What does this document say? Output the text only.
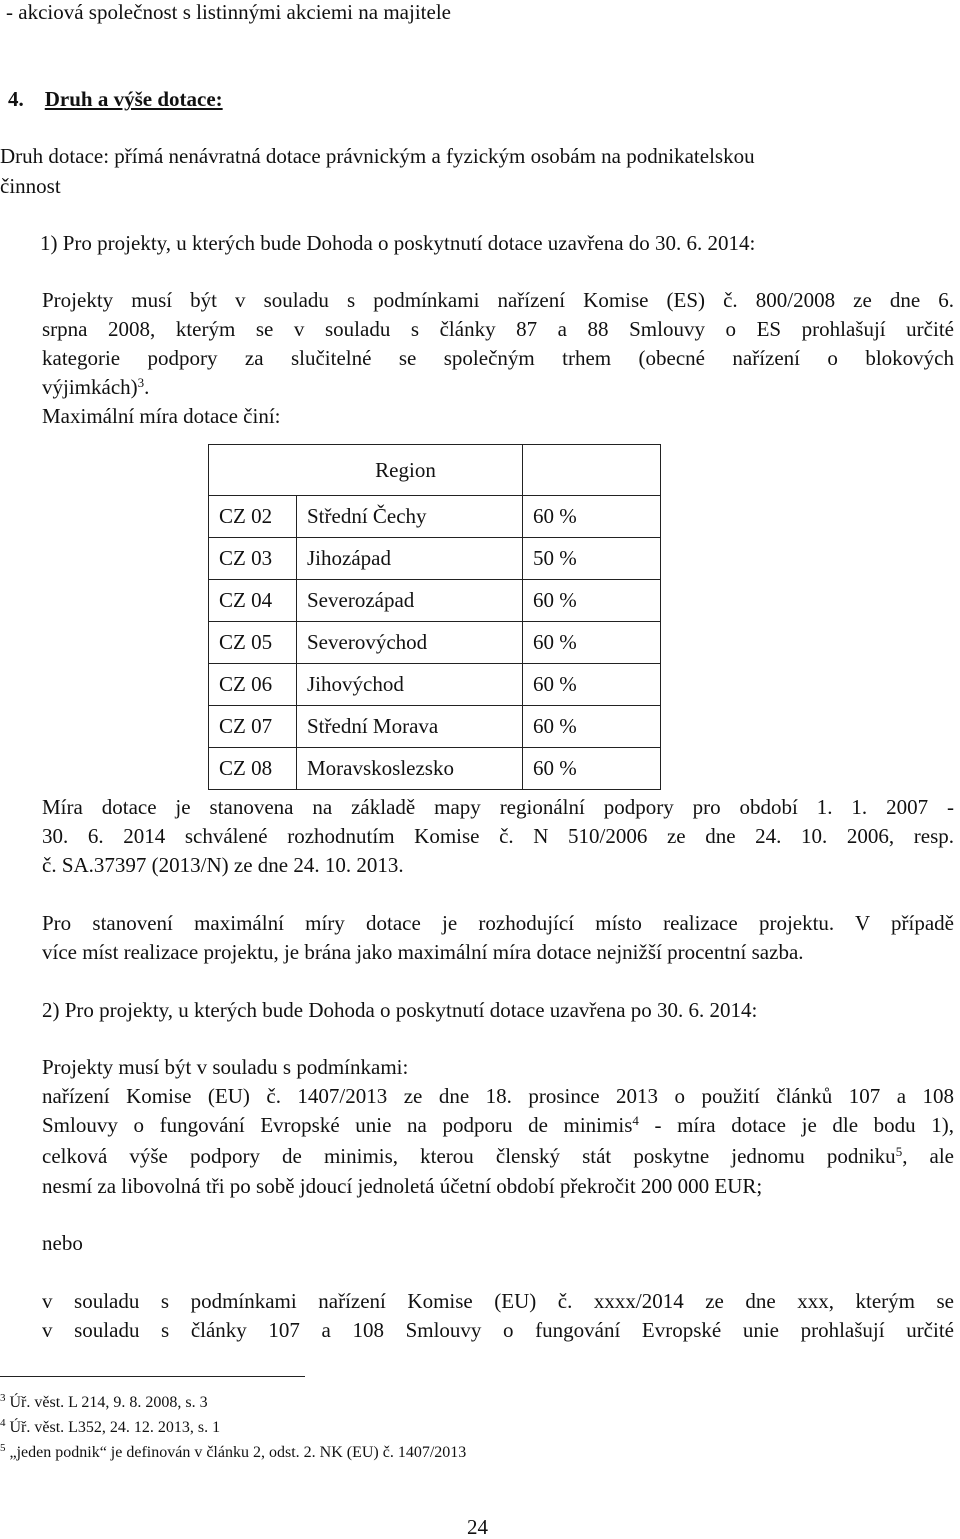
- akciová společnost s listinnými akciemi na majitele
4. Druh a výše dotace:
Druh dotace: přímá nenávratná dotace právnickým a fyzickým osobám na podnikatelskou
činnost
1) Pro projekty, u kterých bude Dohoda o poskytnutí dotace uzavřena do 30. 6. 2014:
Projekty musí být v souladu s podmínkami nařízení Komise (ES) č. 800/2008 ze dne 6.
srpna 2008, kterým se v souladu s články 87 a 88 Smlouvy o ES prohlašují určité
kategorie podpory za slučitelné se společným trhem (obecné nařízení o blokových
výjimkách)$^3$.
Maximální míra dotace činí:
Region		
CZ 02	Střední Čechy	60 %
CZ 03	Jihozápad	50 %
CZ 04	Severozápad	60 %
CZ 05	Severovýchod	60 %
CZ 06	Jihovýchod	60 %
CZ 07	Střední Morava	60 %
CZ 08	Moravskoslezsko	60 %
Míra dotace je stanovena na základě mapy regionální podpory pro období 1. 1. 2007 -
30. 6. 2014 schválené rozhodnutím Komise č. N 510/2006 ze dne 24. 10. 2006, resp.
č. SA.37397 (2013/N) ze dne 24. 10. 2013.
Pro stanovení maximální míry dotace je rozhodující místo realizace projektu. V případě
více míst realizace projektu, je brána jako maximální míra dotace nejnižší procentní sazba.
2) Pro projekty, u kterých bude Dohoda o poskytnutí dotace uzavřena po 30. 6. 2014:
Projekty musí být v souladu s podmínkami:
nařízení Komise (EU) č. 1407/2013 ze dne 18. prosince 2013 o použití článků 107 a 108
Smlouvy o fungování Evropské unie na podporu de minimis$^4$ - míra dotace je dle bodu 1),
celková výše podpory de minimis, kterou členský stát poskytne jednomu podniku$^5$, ale
nesmí za libovolná tři po sobě jdoucí jednoletá účetní období překročit 200 000 EUR;
nebo
v souladu s podmínkami nařízení Komise (EU) č. xxxx/2014 ze dne xxx, kterým se
v souladu s články 107 a 108 Smlouvy o fungování Evropské unie prohlašují určité
$^3$ Úř. věst. L 214, 9. 8. 2008, s. 3
$^4$ Úř. věst. L352, 24. 12. 2013, s. 1
$^5$ „jeden podnik“ je definován v článku 2, odst. 2. NK (EU) č. 1407/2013
24
